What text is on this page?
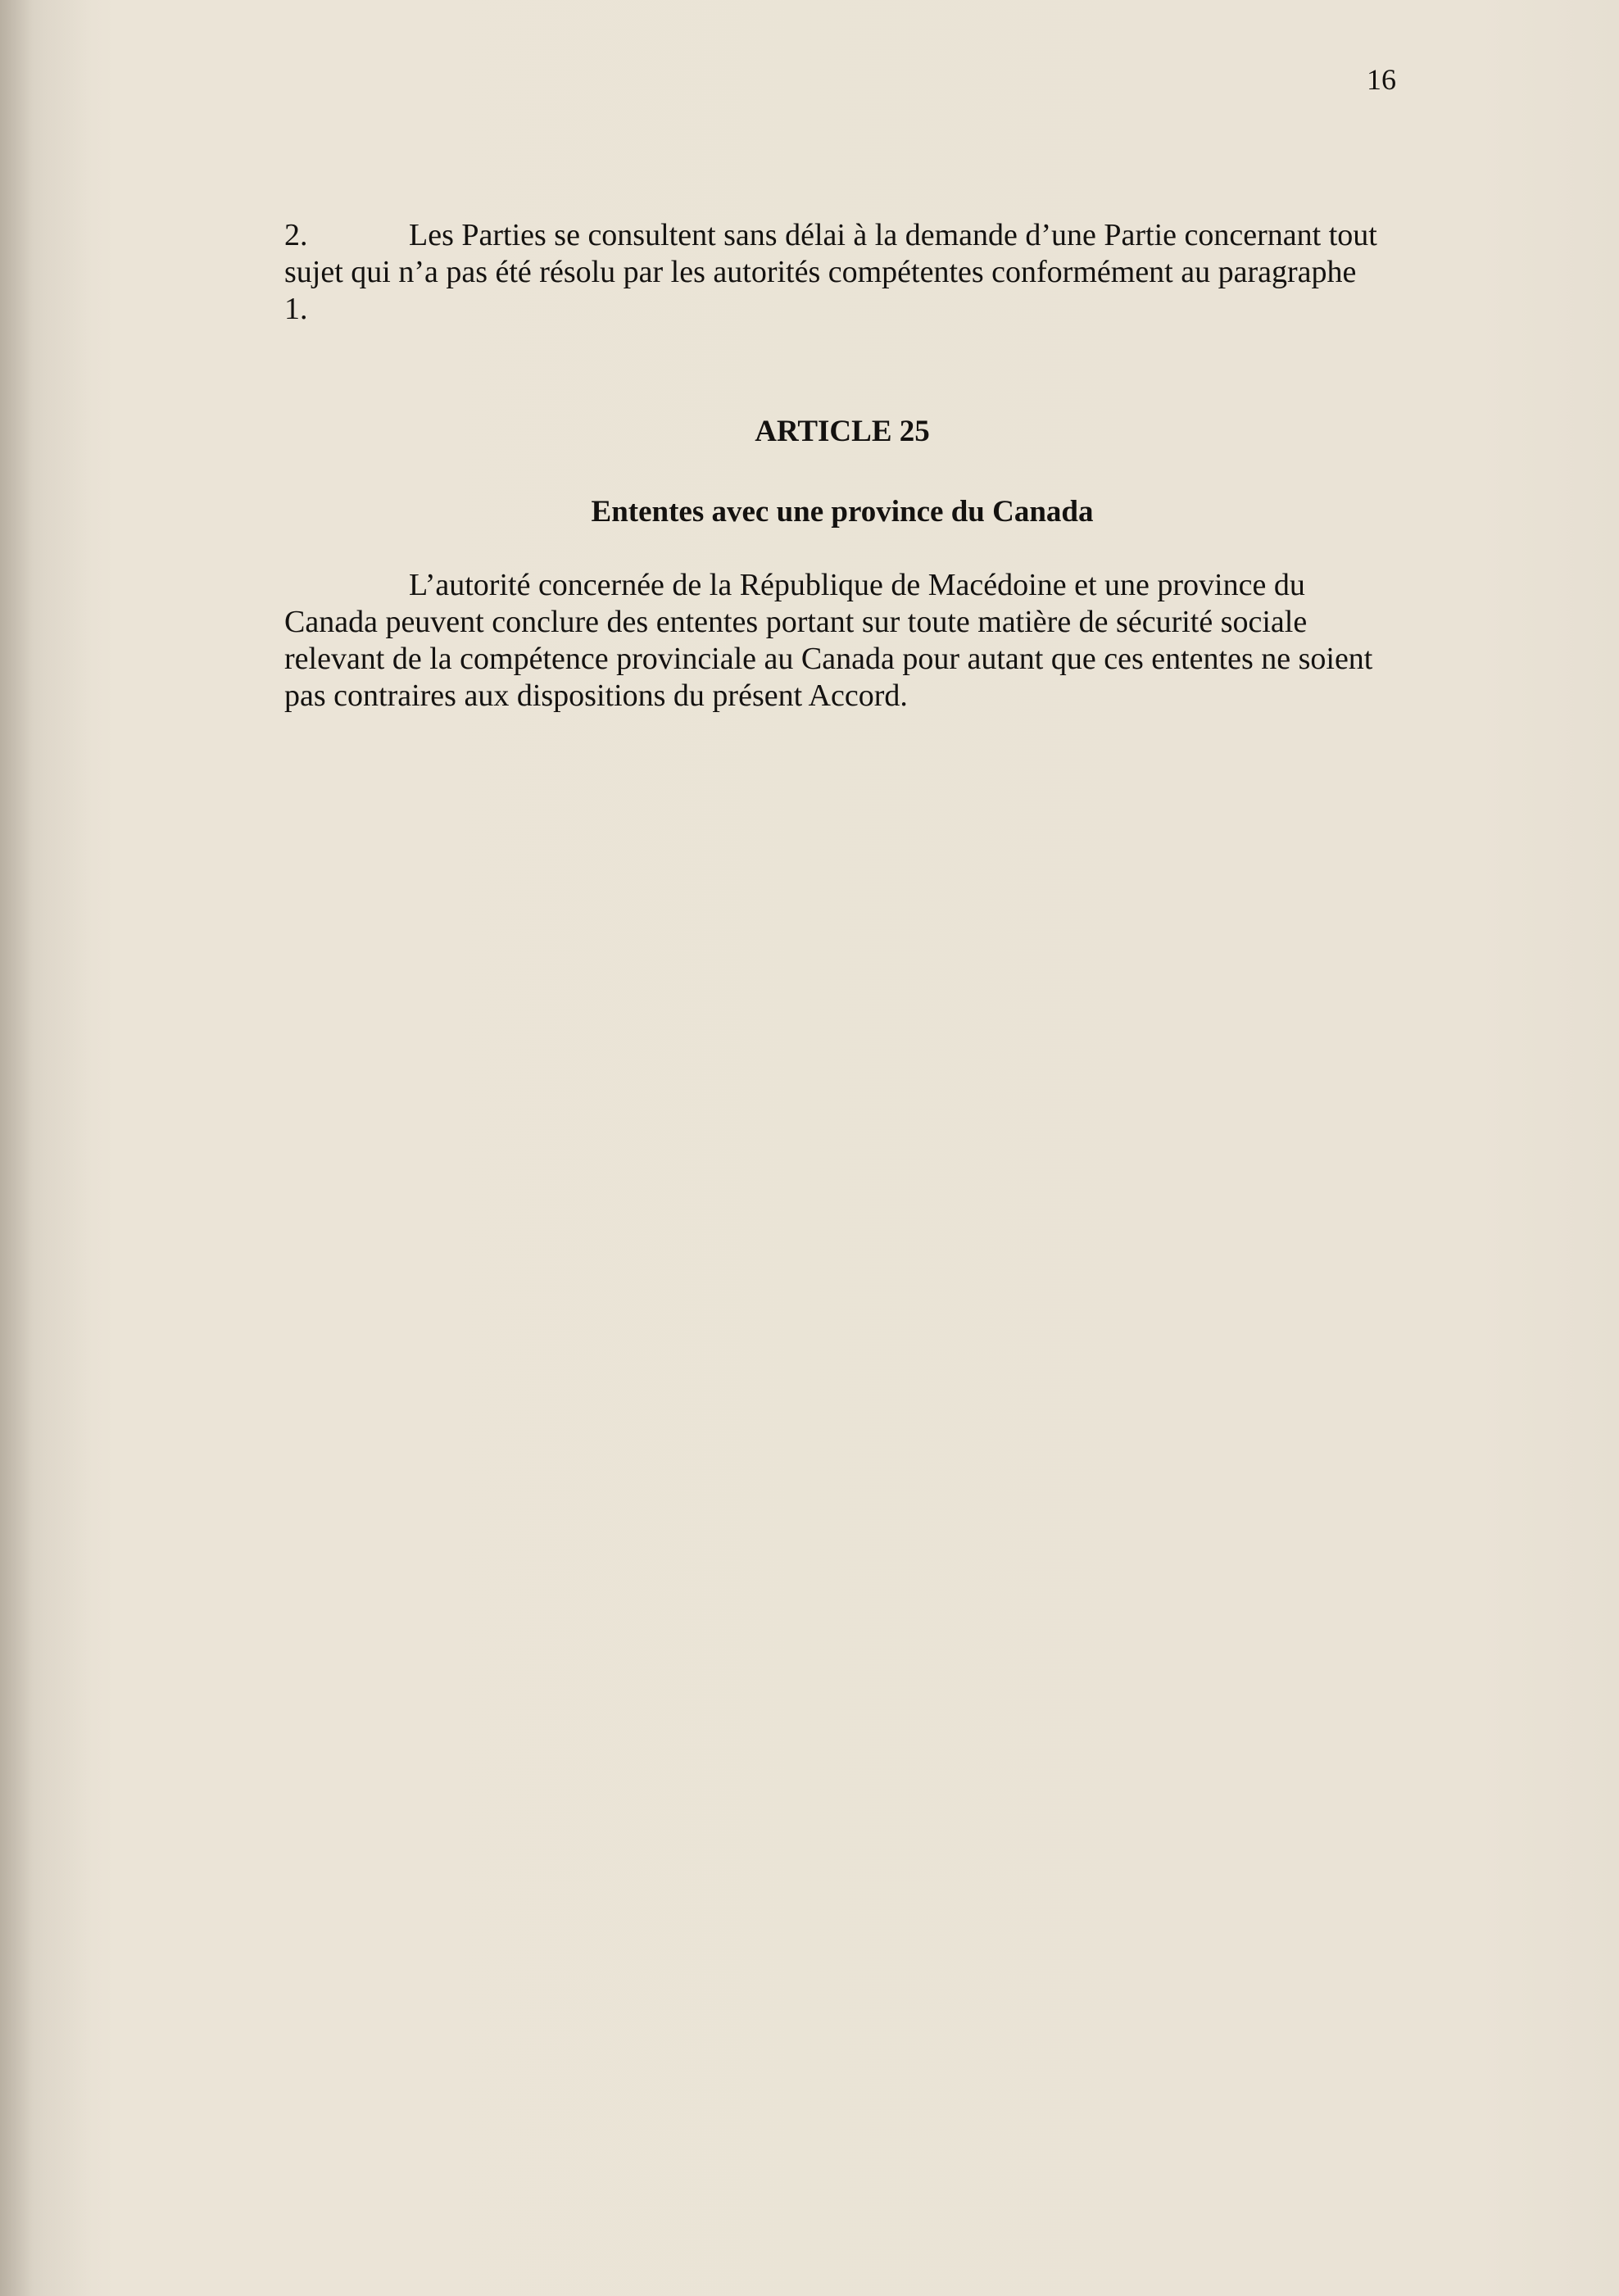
16
2.	Les Parties se consultent sans délai à la demande d’une Partie concernant tout sujet qui n’a pas été résolu par les autorités compétentes conformément au paragraphe 1.
ARTICLE 25
Ententes avec une province du Canada
L’autorité concernée de la République de Macédoine et une province du Canada peuvent conclure des ententes portant sur toute matière de sécurité sociale relevant de la compétence provinciale au Canada pour autant que ces ententes ne soient pas contraires aux dispositions du présent Accord.
